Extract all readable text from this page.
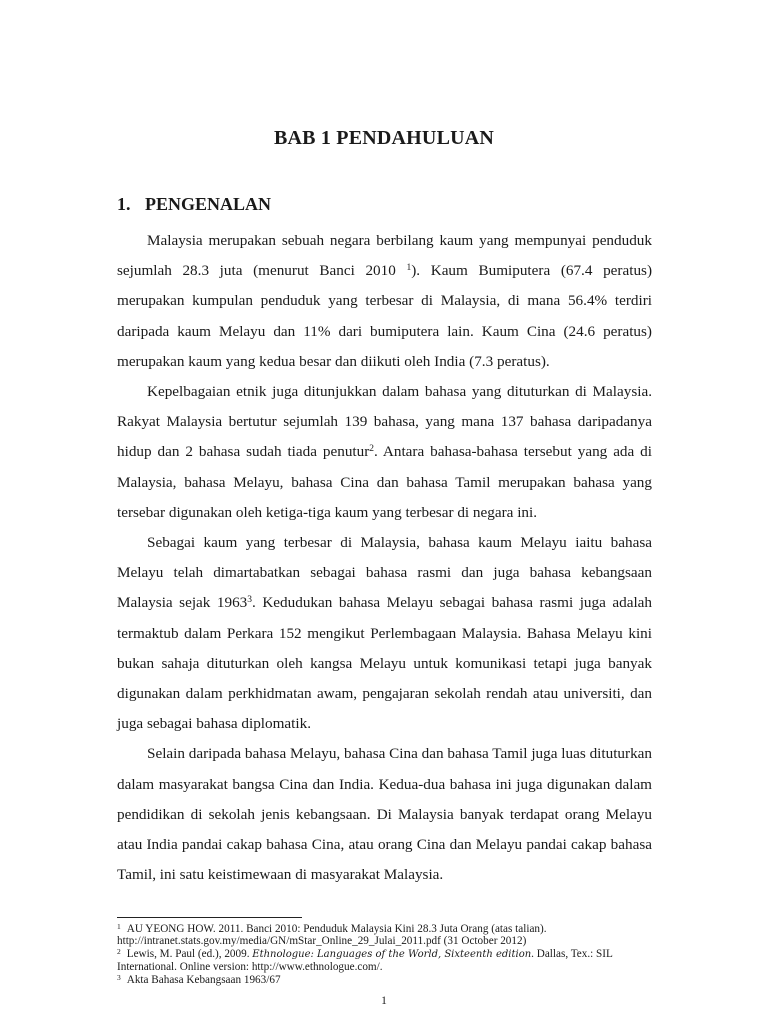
BAB 1 PENDAHULUAN
1. PENGENALAN

Malaysia merupakan sebuah negara berbilang kaum yang mempunyai penduduk sejumlah 28.3 juta (menurut Banci 2010 $^1$). Kaum Bumiputera (67.4 peratus) merupakan kumpulan penduduk yang terbesar di Malaysia, di mana 56.4% terdiri daripada kaum Melayu dan 11% dari bumiputera lain. Kaum Cina (24.6 peratus) merupakan kaum yang kedua besar dan diikuti oleh India (7.3 peratus).

Kepelbagaian etnik juga ditunjukkan dalam bahasa yang dituturkan di Malaysia. Rakyat Malaysia bertutur sejumlah 139 bahasa, yang mana 137 bahasa daripadanya hidup dan 2 bahasa sudah tiada penutur$^2$. Antara bahasa-bahasa tersebut yang ada di Malaysia, bahasa Melayu, bahasa Cina dan bahasa Tamil merupakan bahasa yang tersebar digunakan oleh ketiga-tiga kaum yang terbesar di negara ini.

Sebagai kaum yang terbesar di Malaysia, bahasa kaum Melayu iaitu bahasa Melayu telah dimartabatkan sebagai bahasa rasmi dan juga bahasa kebangsaan Malaysia sejak 1963$^3$. Kedudukan bahasa Melayu sebagai bahasa rasmi juga adalah termaktub dalam Perkara 152 mengikut Perlembagaan Malaysia. Bahasa Melayu kini bukan sahaja dituturkan oleh kangsa Melayu untuk komunikasi tetapi juga banyak digunakan dalam perkhidmatan awam, pengajaran sekolah rendah atau universiti, dan juga sebagai bahasa diplomatik.

Selain daripada bahasa Melayu, bahasa Cina dan bahasa Tamil juga luas dituturkan dalam masyarakat bangsa Cina dan India. Kedua-dua bahasa ini juga digunakan dalam pendidikan di sekolah jenis kebangsaan. Di Malaysia banyak terdapat orang Melayu atau India pandai cakap bahasa Cina, atau orang Cina dan Melayu pandai cakap bahasa Tamil, ini satu keistimewaan di masyarakat Malaysia.

$^1$ AU YEONG HOW. 2011. Banci 2010: Penduduk Malaysia Kini 28.3 Juta Orang (atas talian).
http://intranet.stats.gov.my/media/GN/mStar_Online_29_Julai_2011.pdf (31 October 2012)
$^2$ Lewis, M. Paul (ed.), 2009. Ethnologue: Languages of the World, Sixteenth edition. Dallas, Tex.: SIL
International. Online version: http://www.ethnologue.com/.
$^3$ Akta Bahasa Kebangsaan 1963/67
1
